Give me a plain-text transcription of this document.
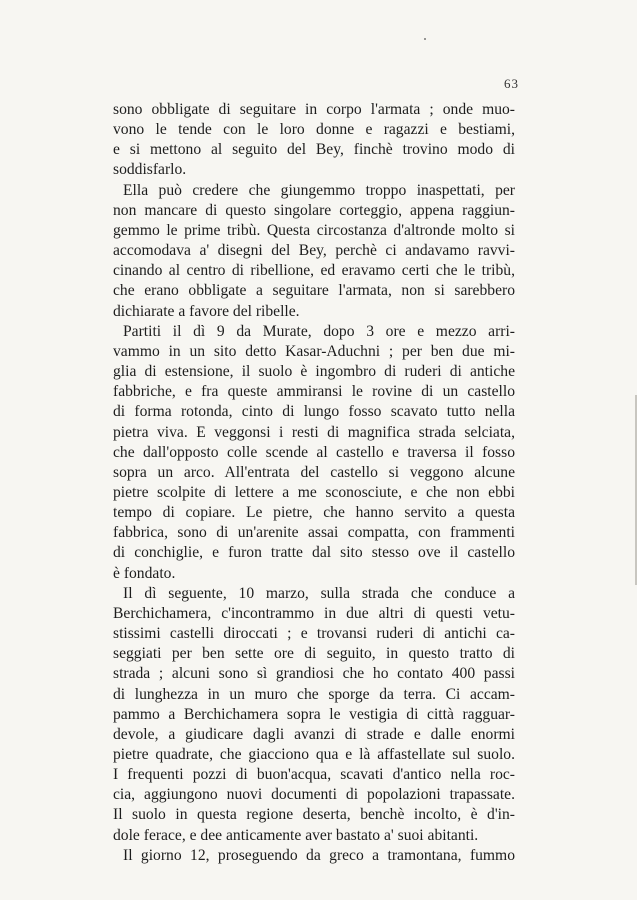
63
sono obbligate di seguitare in corpo l'armata ; onde muo-
vono le tende con le loro donne e ragazzi e bestiami,
e si mettono al seguito del Bey, finchè trovino modo di
soddisfarlo.
Ella può credere che giungemmo troppo inaspettati, per
non mancare di questo singolare corteggio, appena raggiun-
gemmo le prime tribù. Questa circostanza d'altronde molto si
accomodava a' disegni del Bey, perchè ci andavamo ravvi-
cinando al centro di ribellione, ed eravamo certi che le tribù,
che erano obbligate a seguitare l'armata, non si sarebbero
dichiarate a favore del ribelle.
Partiti il dì 9 da Murate, dopo 3 ore e mezzo arri-
vammo in un sito detto Kasar-Aduchni ; per ben due mi-
glia di estensione, il suolo è ingombro di ruderi di antiche
fabbriche, e fra queste ammiransi le rovine di un castello
di forma rotonda, cinto di lungo fosso scavato tutto nella
pietra viva. E veggonsi i resti di magnifica strada selciata,
che dall'opposto colle scende al castello e traversa il fosso
sopra un arco. All'entrata del castello si veggono alcune
pietre scolpite di lettere a me sconosciute, e che non ebbi
tempo di copiare. Le pietre, che hanno servito a questa
fabbrica, sono di un'arenite assai compatta, con frammenti
di conchiglie, e furon tratte dal sito stesso ove il castello
è fondato.
Il dì seguente, 10 marzo, sulla strada che conduce a
Berchichamera, c'incontrammo in due altri di questi vetu-
stissimi castelli diroccati ; e trovansi ruderi di antichi ca-
seggiati per ben sette ore di seguito, in questo tratto di
strada ; alcuni sono sì grandiosi che ho contato 400 passi
di lunghezza in un muro che sporge da terra. Ci accam-
pammo a Berchichamera sopra le vestigia di città ragguar-
devole, a giudicare dagli avanzi di strade e dalle enormi
pietre quadrate, che giacciono qua e là affastellate sul suolo.
I frequenti pozzi di buon'acqua, scavati d'antico nella roc-
cia, aggiungono nuovi documenti di popolazioni trapassate.
Il suolo in questa regione deserta, benchè incolto, è d'in-
dole ferace, e dee anticamente aver bastato a' suoi abitanti.
Il giorno 12, proseguendo da greco a tramontana, fummo
